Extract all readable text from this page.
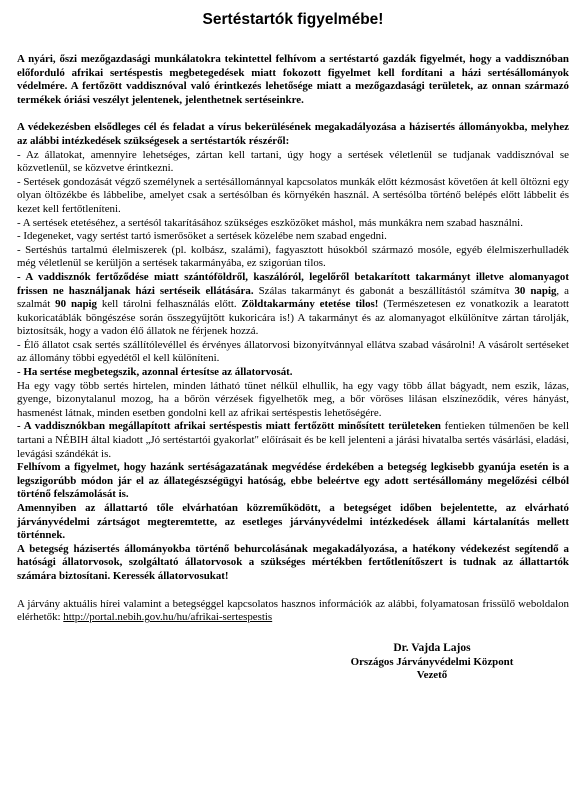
Sertéstartók figyelmébe!

A nyári, őszi mezőgazdasági munkálatokra tekintettel felhívom a sertéstartó gazdák figyelmét, hogy a vaddisznóban előforduló afrikai sertéspestis megbetegedések miatt fokozott figyelmet kell fordítani a házi sertésállományok védelmére. A fertőzött vaddisznóval való érintkezés lehetősége miatt a mezőgazdasági területek, az onnan származó termékek óriási veszélyt jelentenek, jelenthetnek sertéseinkre.

A védekezésben elsődleges cél és feladat a vírus bekerülésének megakadályozása a házisertés állományokba, melyhez az alábbi intézkedések szükségesek a sertéstartók részéről:

- Az állatokat, amennyire lehetséges, zártan kell tartani, úgy hogy a sertések véletlenül se tudjanak vaddisznóval se közvetlenül, se közvetve érintkezni.

- Sertések gondozását végző személynek a sertésállománnyal kapcsolatos munkák előtt kézmosást követően át kell öltözni egy olyan öltözékbe és lábbelibe, amelyet csak a sertésólban és környékén használ. A sertésólba történő belépés előtt lábbelit és kezet kell fertőtleníteni.

- A sertések etetéséhez, a sertésól takarításához szükséges eszközöket máshol, más munkákra nem szabad használni.

- Idegeneket, vagy sertést tartó ismerősöket a sertések közelébe nem szabad engedni.

- Sertéshús tartalmú élelmiszerek (pl. kolbász, szalámi), fagyasztott húsokból származó mosóle, egyéb élelmiszerhulladék még véletlenül se kerüljön a sertések takarmányába, ez szigorúan tilos.

- A vaddisznók fertőződése miatt szántóföldről, kaszálóról, legelőről betakarított takarmányt illetve alomanyagot frissen ne használjanak házi sertéseik ellátására. Szálas takarmányt és gabonát a beszállítástól számítva 30 napig, a szalmát 90 napig kell tárolni felhasználás előtt. Zöldtakarmány etetése tilos! (Természetesen ez vonatkozik a learatott kukoricatáblák böngészése során összegyűjtött kukoricára is!) A takarmányt és az alomanyagot elkülönítve zártan tárolják, biztosítsák, hogy a vadon élő állatok ne férjenek hozzá.

- Élő állatot csak sertés szállítólevéllel és érvényes állatorvosi bizonyítvánnyal ellátva szabad vásárolni! A vásárolt sertéseket az állomány többi egyedétől el kell különíteni.

- Ha sertése megbetegszik, azonnal értesítse az állatorvosát.

Ha egy vagy több sertés hirtelen, minden látható tünet nélkül elhullik, ha egy vagy több állat bágyadt, nem eszik, lázas, gyenge, bizonytalanul mozog, ha a bőrön vérzések figyelhetők meg, a bőr vöröses lilásan elszíneződik, véres hányást, hasmenést látnak, minden esetben gondolni kell az afrikai sertéspestis lehetőségére.

- A vaddisznókban megállapított afrikai sertéspestis miatt fertőzött minősített területeken fentieken túlmenően be kell tartani a NÉBIH által kiadott „Jó sertéstartói gyakorlat" előírásait és be kell jelenteni a járási hivatalba sertés vásárlási, eladási, levágási szándékát is.

Felhívom a figyelmet, hogy hazánk sertéságazatának megvédése érdekében a betegség legkisebb gyanúja esetén is a legszigorúbb módon jár el az állategészségügyi hatóság, ebbe beleértve egy adott sertésállomány megelőzési célból történő felszámolását is.

Amennyiben az állattartó tőle elvárhatóan közreműködött, a betegséget időben bejelentette, az elvárható járványvédelmi zártságot megteremtette, az esetleges járványvédelmi intézkedések állami kártalanítás mellett történnek.

A betegség házisertés állományokba történő behurcolásának megakadályozása, a hatékony védekezést segítendő a hatósági állatorvosok, szolgáltató állatorvosok a szükséges mértékben fertőtlenítőszert is tudnak az állattartók számára biztosítani. Keressék állatorvosukat!

A járvány aktuális hírei valamint a betegséggel kapcsolatos hasznos információk az alábbi, folyamatosan frissülő weboldalon elérhetők: http://portal.nebih.gov.hu/hu/afrikai-sertespestis

Dr. Vajda Lajos
Országos Járványvédelmi Központ
Vezető
